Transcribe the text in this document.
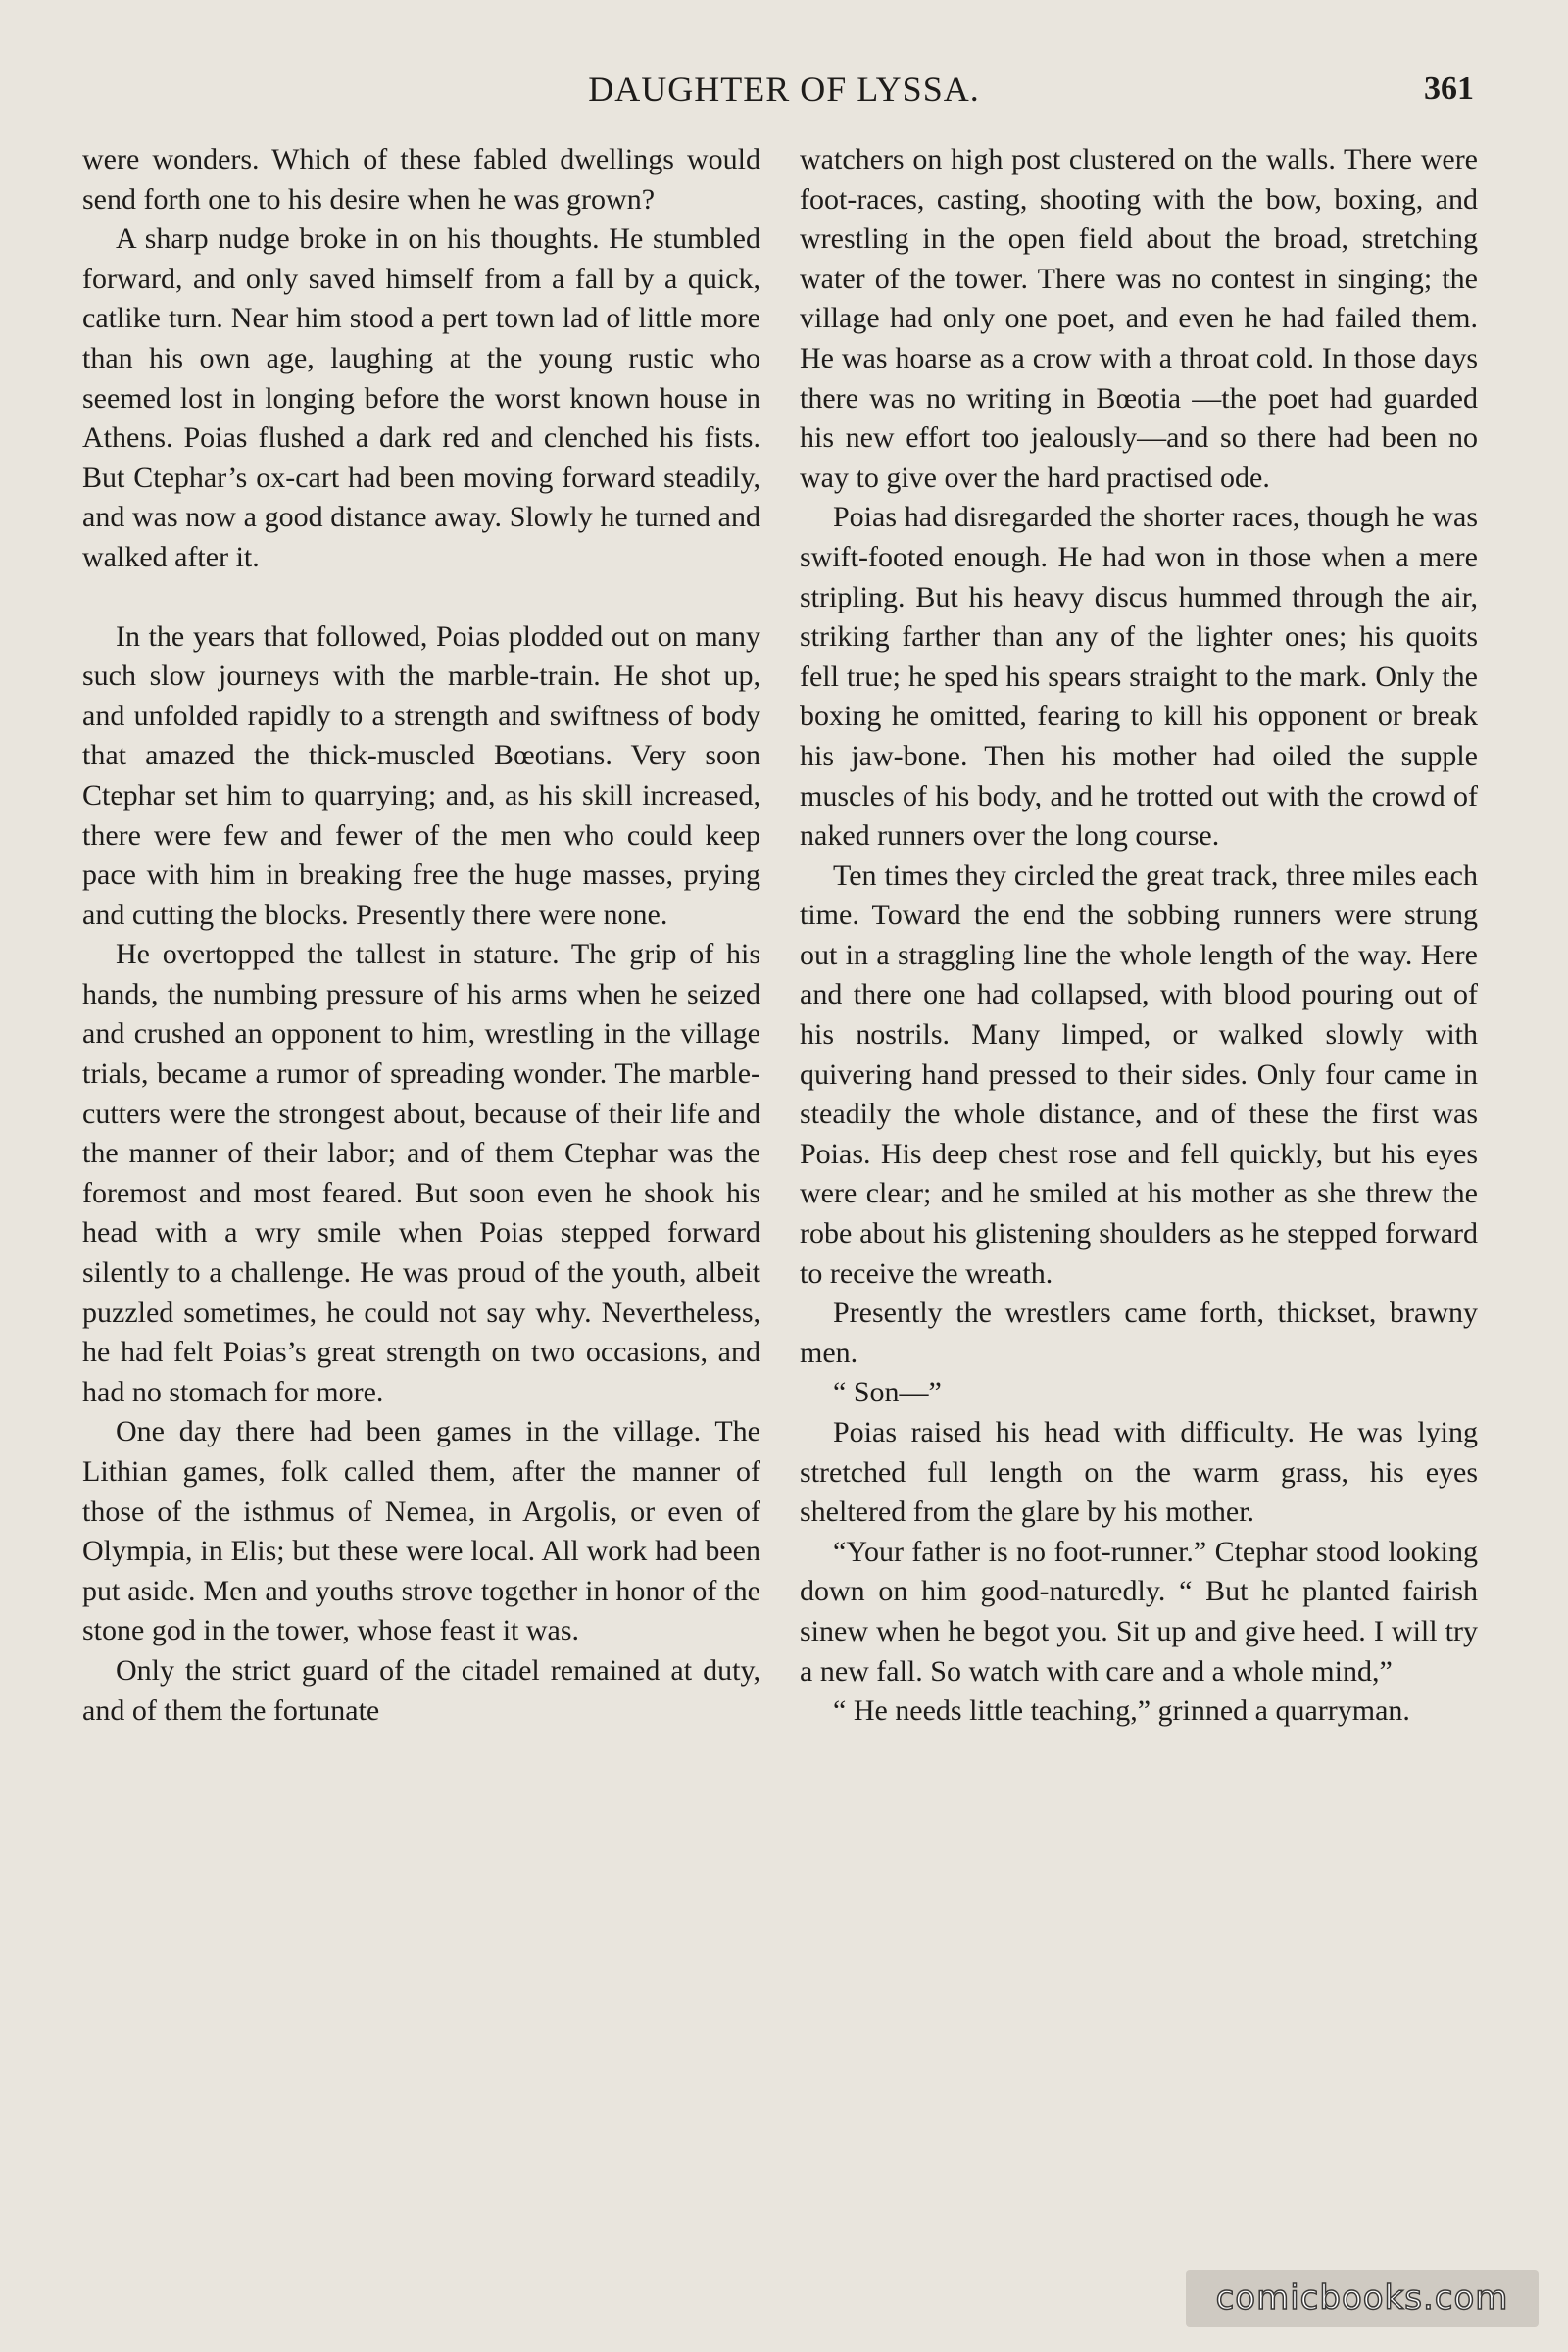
DAUGHTER OF LYSSA.	361

were wonders. Which of these fabled dwellings would send forth one to his desire when he was grown?

A sharp nudge broke in on his thoughts. He stumbled forward, and only saved himself from a fall by a quick, catlike turn. Near him stood a pert town lad of little more than his own age, laughing at the young rustic who seemed lost in longing before the worst known house in Athens. Poias flushed a dark red and clenched his fists. But Ctephar’s ox-cart had been moving forward steadily, and was now a good distance away. Slowly he turned and walked after it.

In the years that followed, Poias plodded out on many such slow journeys with the marble-train. He shot up, and unfolded rapidly to a strength and swiftness of body that amazed the thick-muscled Bœotians. Very soon Ctephar set him to quarrying; and, as his skill increased, there were few and fewer of the men who could keep pace with him in breaking free the huge masses, prying and cutting the blocks. Presently there were none.

He overtopped the tallest in stature. The grip of his hands, the numbing pressure of his arms when he seized and crushed an opponent to him, wrestling in the village trials, became a rumor of spreading wonder. The marble-cutters were the strongest about, because of their life and the manner of their labor; and of them Ctephar was the foremost and most feared. But soon even he shook his head with a wry smile when Poias stepped forward silently to a challenge. He was proud of the youth, albeit puzzled sometimes, he could not say why. Nevertheless, he had felt Poias’s great strength on two occasions, and had no stomach for more.

One day there had been games in the village. The Lithian games, folk called them, after the manner of those of the isthmus of Nemea, in Argolis, or even of Olympia, in Elis; but these were local. All work had been put aside. Men and youths strove together in honor of the stone god in the tower, whose feast it was.

Only the strict guard of the citadel remained at duty, and of them the fortunate

watchers on high post clustered on the walls. There were foot-races, casting, shooting with the bow, boxing, and wrestling in the open field about the broad, stretching water of the tower. There was no contest in singing; the village had only one poet, and even he had failed them. He was hoarse as a crow with a throat cold. In those days there was no writing in Bœotia —the poet had guarded his new effort too jealously—and so there had been no way to give over the hard practised ode.

Poias had disregarded the shorter races, though he was swift-footed enough. He had won in those when a mere stripling. But his heavy discus hummed through the air, striking farther than any of the lighter ones; his quoits fell true; he sped his spears straight to the mark. Only the boxing he omitted, fearing to kill his opponent or break his jaw-bone. Then his mother had oiled the supple muscles of his body, and he trotted out with the crowd of naked runners over the long course.

Ten times they circled the great track, three miles each time. Toward the end the sobbing runners were strung out in a straggling line the whole length of the way. Here and there one had collapsed, with blood pouring out of his nostrils. Many limped, or walked slowly with quivering hand pressed to their sides. Only four came in steadily the whole distance, and of these the first was Poias. His deep chest rose and fell quickly, but his eyes were clear; and he smiled at his mother as she threw the robe about his glistening shoulders as he stepped forward to receive the wreath.

Presently the wrestlers came forth, thickset, brawny men.

“ Son—”

Poias raised his head with difficulty. He was lying stretched full length on the warm grass, his eyes sheltered from the glare by his mother.

“Your father is no foot-runner.” Ctephar stood looking down on him good-naturedly. “ But he planted fairish sinew when he begot you. Sit up and give heed. I will try a new fall. So watch with care and a whole mind,”

“ He needs little teaching,” grinned a quarryman.

comicbooks.com
